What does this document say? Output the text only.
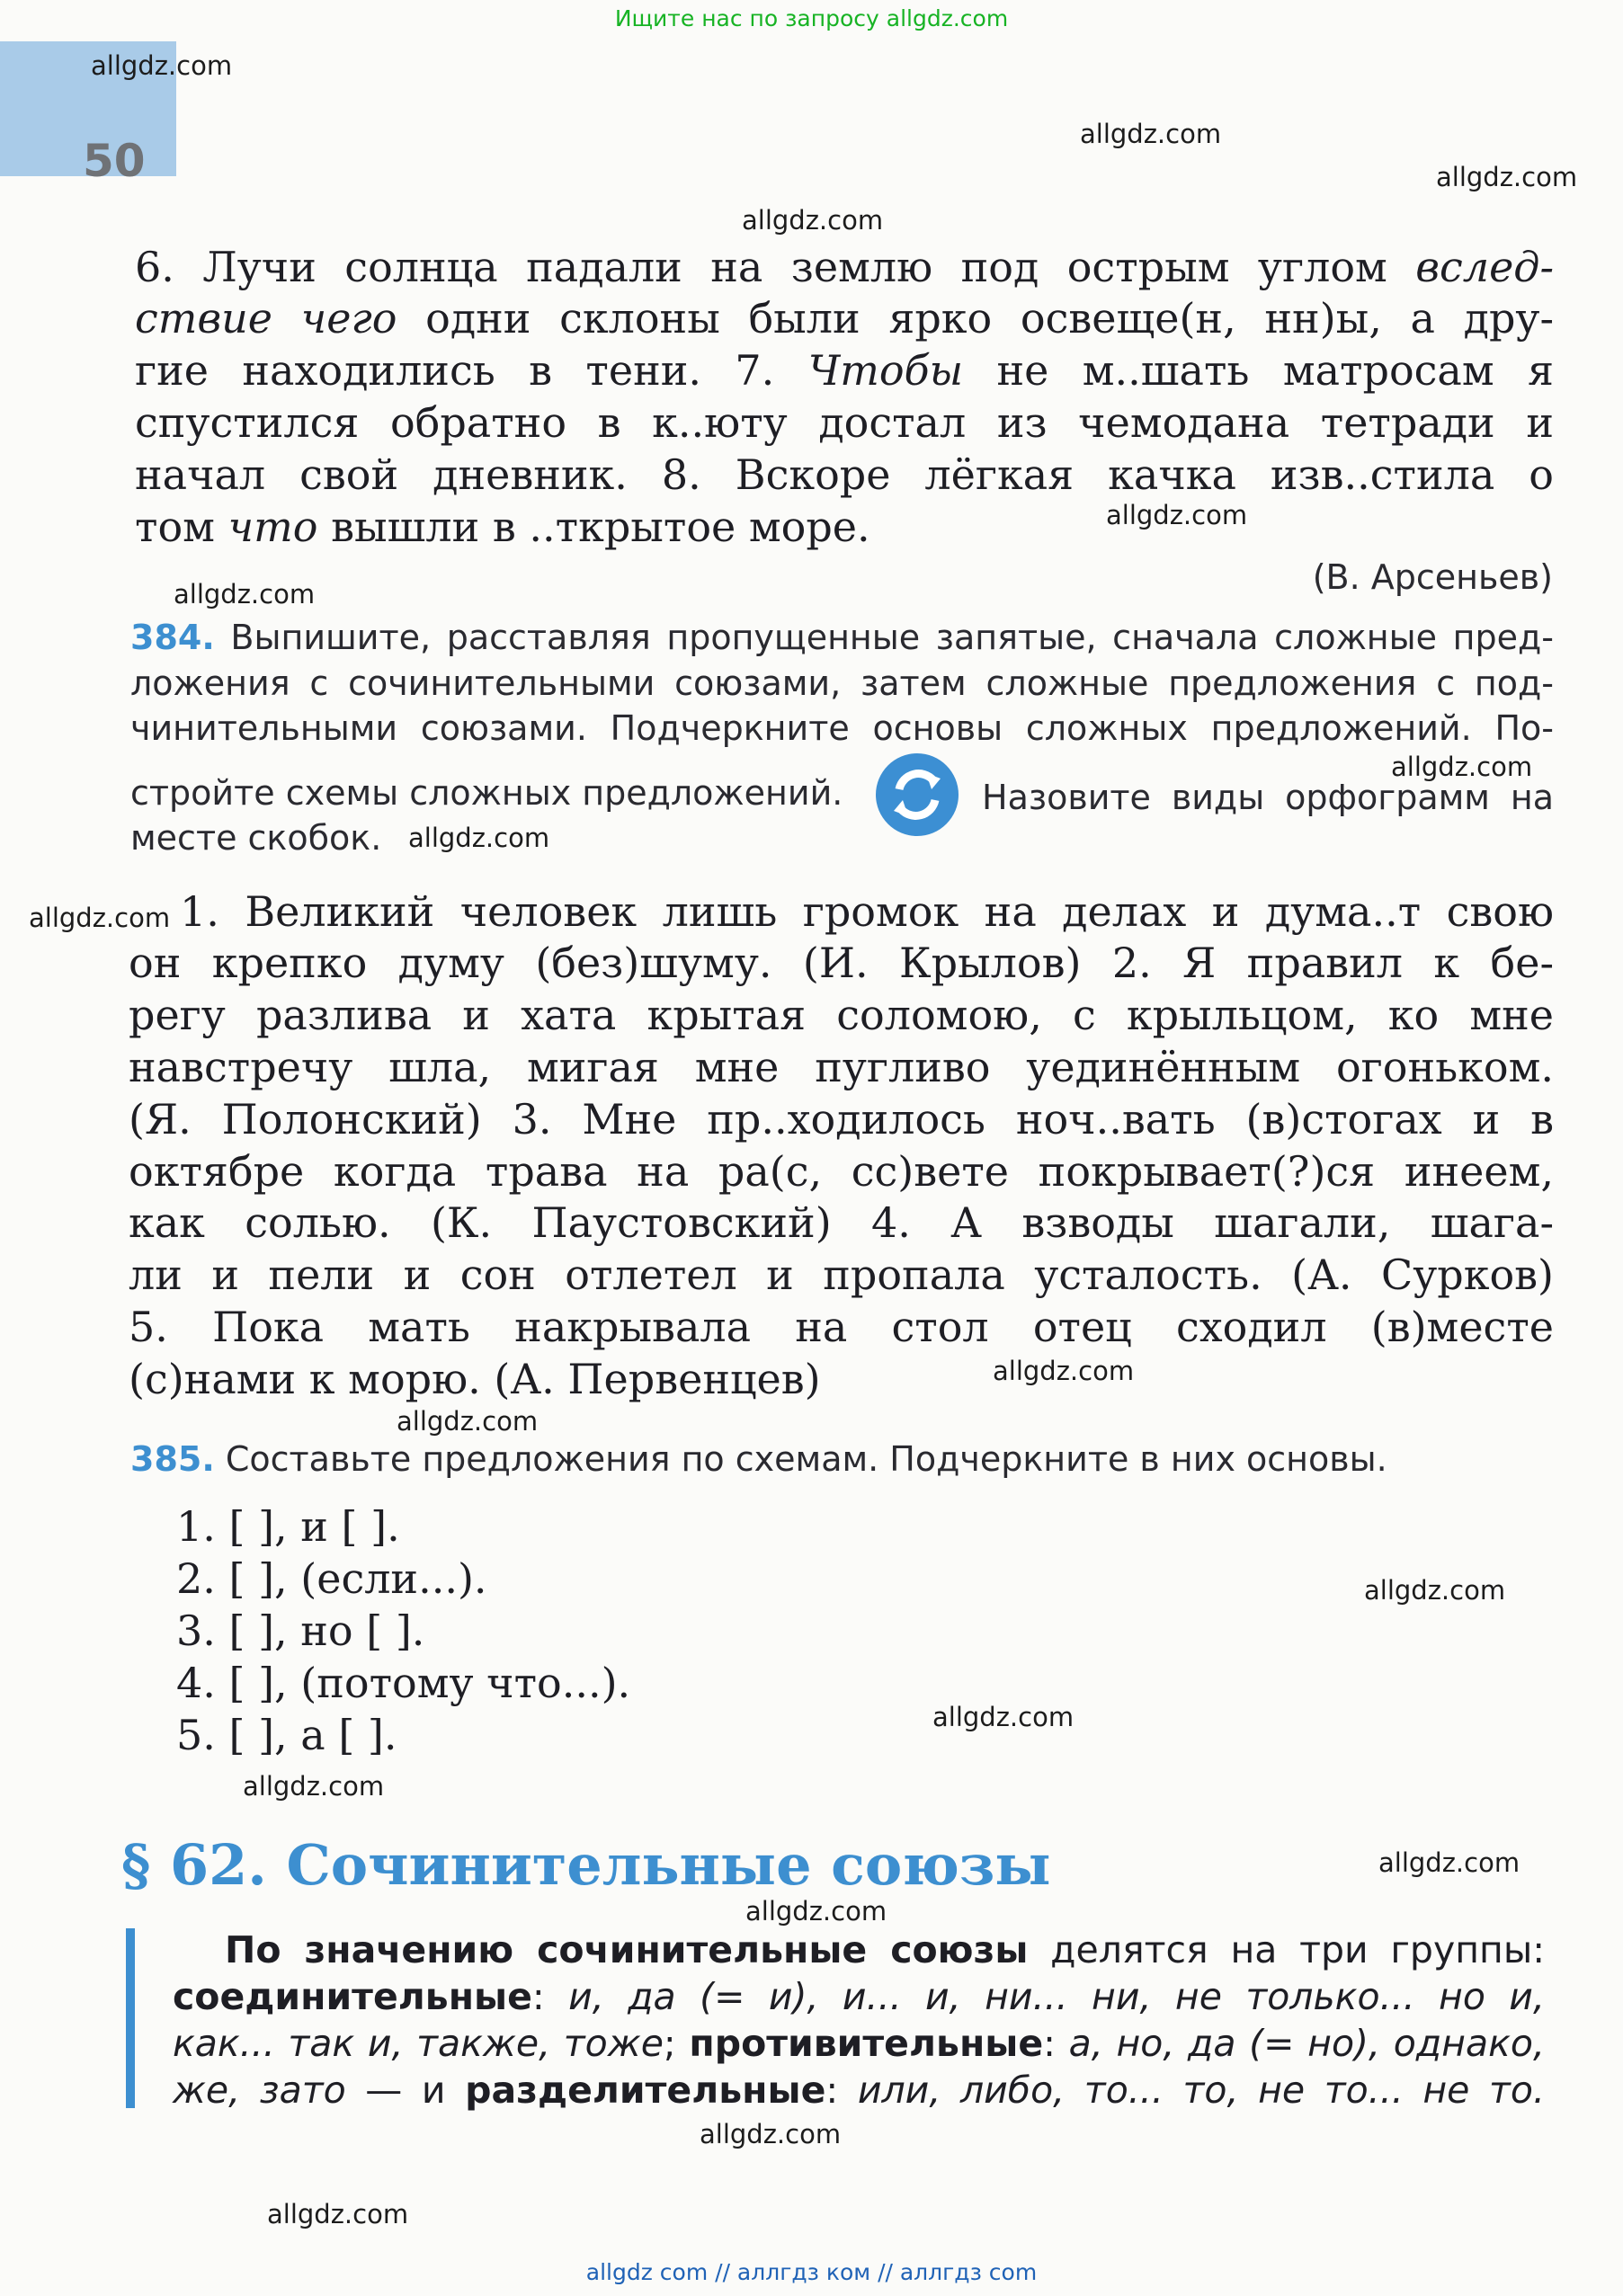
Ищите нас по запросу allgdz.com
50
allgdz.com
allgdz.com
allgdz.com
allgdz.com
allgdz.com
allgdz.com
allgdz.com
allgdz.com
allgdz.com
allgdz.com
allgdz.com
allgdz.com
allgdz.com
allgdz.com
allgdz.com
allgdz.com
allgdz.com
allgdz.com
6. Лучи солнца падали на землю под острым углом вслед-
ствие чего одни склоны были ярко освеще(н, нн)ы, а дру-
гие находились в тени. 7. Чтобы не м..шать матросам я
спустился обратно в к..юту достал из чемодана тетради и
начал свой дневник. 8. Вскоре лёгкая качка изв..стила о
том что вышли в ..ткрытое море.
(В. Арсеньев)
384. Выпишите, расставляя пропущенные запятые, сначала сложные пред-
ложения с сочинительными союзами, затем сложные предложения с под-
чинительными союзами. Подчеркните основы сложных предложений. По-
стройте схемы сложных предложений.	Назовите виды орфограмм на
месте скобок.
1. Великий человек лишь громок на делах и дума..т свою
он крепко думу (без)шуму. (И. Крылов) 2. Я правил к бе-
регу разлива и хата крытая соломою, с крыльцом, ко мне
навстречу шла, мигая мне пугливо уединённым огоньком.
(Я. Полонский) 3. Мне пр..ходилось ноч..вать (в)стогах и в
октябре когда трава на ра(с, сс)вете покрывает(?)ся инеем,
как солью. (К. Паустовский) 4. А взводы шагали, шага-
ли и пели и сон отлетел и пропала усталость. (А. Сурков)
5. Пока мать накрывала на стол отец сходил (в)месте
(с)нами к морю. (А. Первенцев)
385. Составьте предложения по схемам. Подчеркните в них основы.
1. [ ], и [ ].
2. [ ], (если...).
3. [ ], но [ ].
4. [ ], (потому что...).
5. [ ], а [ ].
§ 62. Сочинительные союзы
По значению сочинительные союзы делятся на три группы:
соединительные: и, да (= и), и... и, ни... ни, не только... но и,
как... так и, также, тоже; противительные: а, но, да (= но), однако,
же, зато — и разделительные: или, либо, то... то, не то... не то.
allgdz com // аллгдз ком // аллгдз com
